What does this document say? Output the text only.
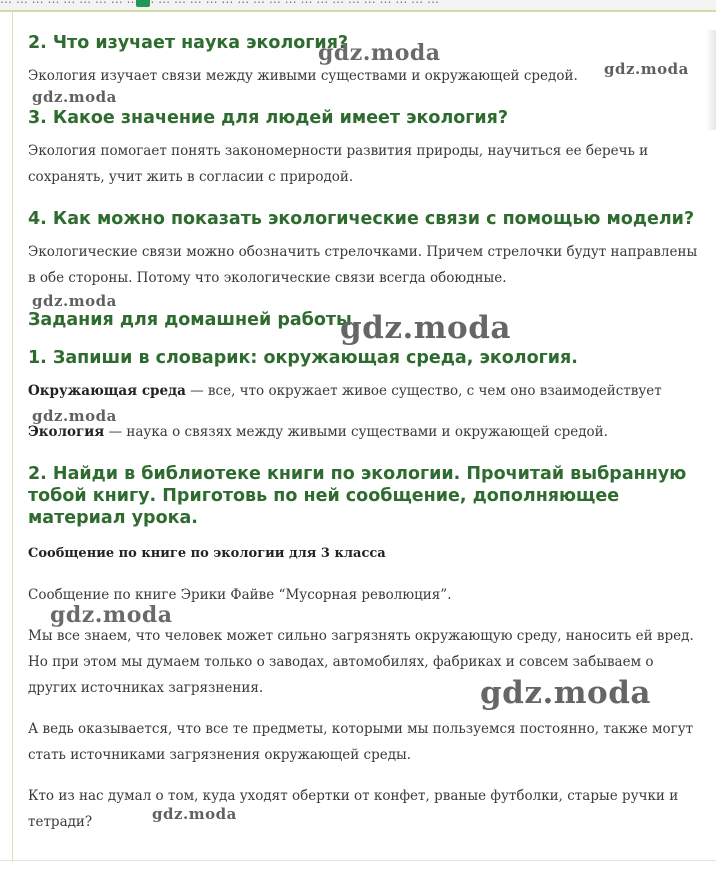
2. Что изучает наука экология?

Экология изучает связи между живыми существами и окружающей средой.

3. Какое значение для людей имеет экология?

Экология помогает понять закономерности развития природы, научиться ее беречь и сохранять, учит жить в согласии с природой.

4. Как можно показать экологические связи с помощью модели?

Экологические связи можно обозначить стрелочками. Причем стрелочки будут направлены в обе стороны. Потому что экологические связи всегда обоюдные.

Задания для домашней работы
1. Запиши в словарик: окружающая среда, экология.

Окружающая среда — все, что окружает живое существо, с чем оно взаимодействует

Экология — наука о связях между живыми существами и окружающей средой.

2. Найди в библиотеке книги по экологии. Прочитай выбранную тобой книгу. Приготовь по ней сообщение, дополняющее материал урока.

Сообщение по книге по экологии для 3 класса

Сообщение по книге Эрики Файве “Мусорная революция”.

Мы все знаем, что человек может сильно загрязнять окружающую среду, наносить ей вред. Но при этом мы думаем только о заводах, автомобилях, фабриках и совсем забываем о других источниках загрязнения.

А ведь оказывается, что все те предметы, которыми мы пользуемся постоянно, также могут стать источниками загрязнения окружающей среды.

Кто из нас думал о том, куда уходят обертки от конфет, рваные футболки, старые ручки и тетради?

gdz.moda
gdz.moda
gdz.moda
gdz.moda
gdz.moda
gdz.moda
gdz.moda
gdz.moda
gdz.moda
